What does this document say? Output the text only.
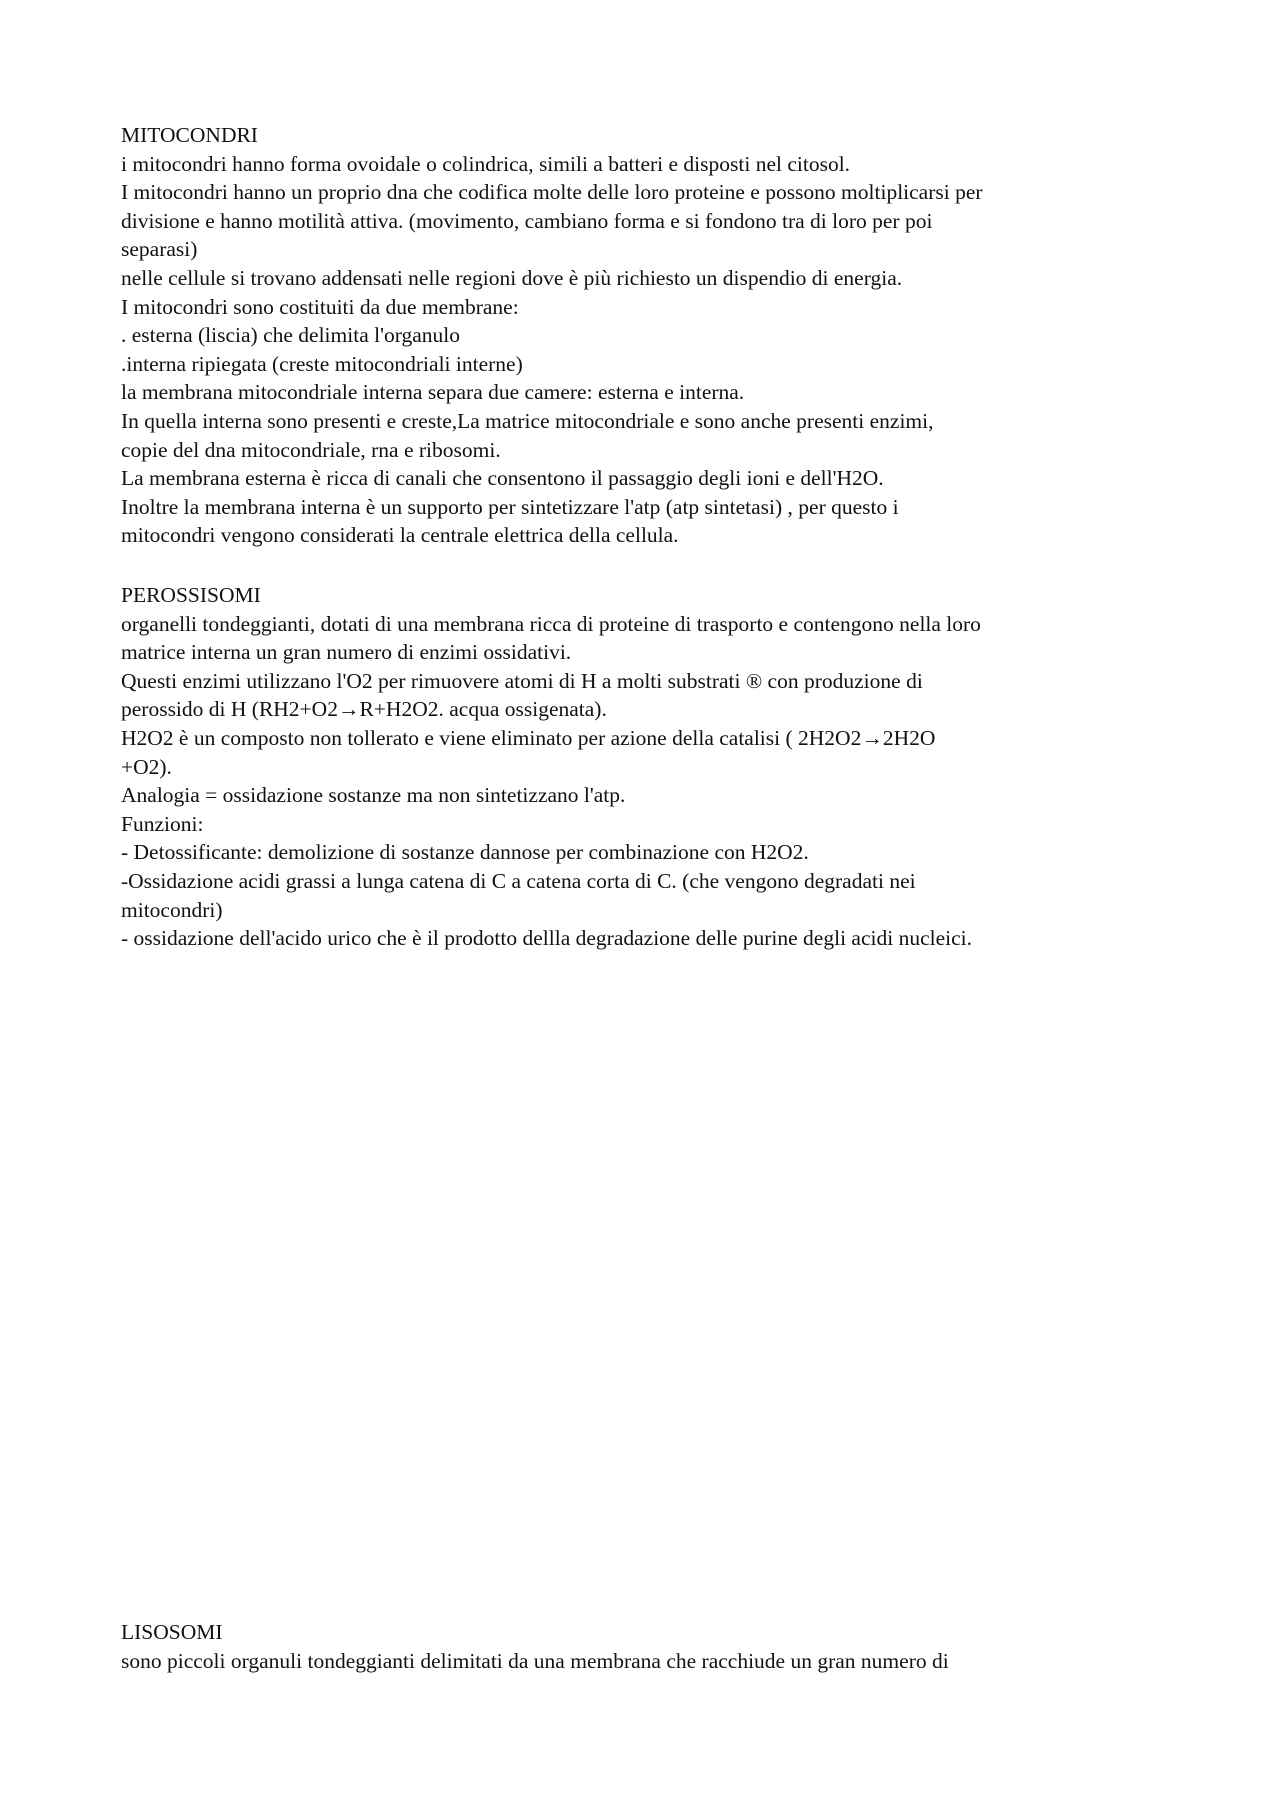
MITOCONDRI

i mitocondri hanno forma ovoidale o colindrica, simili a batteri e disposti nel citosol.

I mitocondri hanno un proprio dna che codifica molte delle loro proteine e possono moltiplicarsi per

divisione e hanno motilità attiva. (movimento, cambiano forma e si fondono tra di loro per poi

separasi)

nelle cellule si trovano addensati nelle regioni dove è più richiesto un dispendio di energia.

I mitocondri sono costituiti da due membrane:

. esterna (liscia) che delimita l'organulo

.interna ripiegata (creste mitocondriali interne)

la membrana mitocondriale interna separa due camere: esterna e interna.

In quella interna sono presenti e creste,La matrice mitocondriale e sono anche presenti enzimi,

copie del dna mitocondriale, rna e ribosomi.

La membrana esterna è ricca di canali che consentono il passaggio degli ioni e dell'H2O.

Inoltre la membrana interna è un supporto per sintetizzare l'atp (atp sintetasi) , per questo i

mitocondri vengono considerati la centrale elettrica della cellula.

PEROSSISOMI

organelli tondeggianti, dotati di una membrana ricca di proteine di trasporto e contengono nella loro

matrice interna un gran numero di enzimi ossidativi.

Questi enzimi utilizzano l'O2 per rimuovere atomi di H a molti substrati ® con produzione di

perossido di H (RH2+O2→R+H2O2. acqua ossigenata).

H2O2 è un composto non tollerato e viene eliminato per azione della catalisi ( 2H2O2→2H2O

+O2).

Analogia = ossidazione sostanze ma non sintetizzano l'atp.

Funzioni:

- Detossificante: demolizione di sostanze dannose per combinazione con H2O2.

-Ossidazione acidi grassi a lunga catena di C a catena corta di C. (che vengono degradati nei

mitocondri)

- ossidazione dell'acido urico che è il prodotto dellla degradazione delle purine degli acidi nucleici.

LISOSOMI

sono piccoli organuli tondeggianti delimitati da una membrana che racchiude un gran numero di
